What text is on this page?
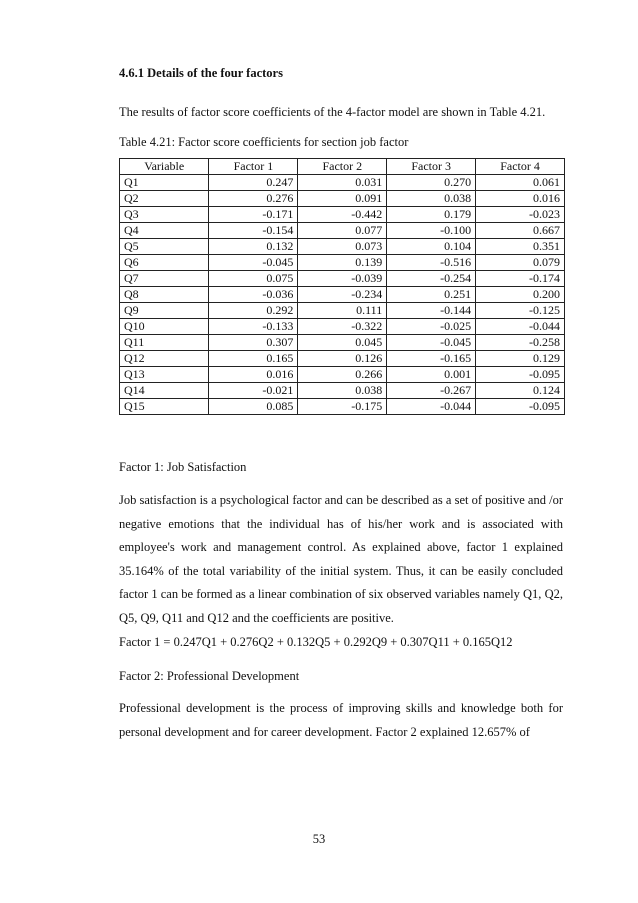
4.6.1 Details of the four factors
The results of factor score coefficients of the 4-factor model are shown in Table 4.21.
Table 4.21: Factor score coefficients for section job factor
Variable	Factor 1	Factor 2	Factor 3	Factor 4
Q1	0.247	0.031	0.270	0.061
Q2	0.276	0.091	0.038	0.016
Q3	-0.171	-0.442	0.179	-0.023
Q4	-0.154	0.077	-0.100	0.667
Q5	0.132	0.073	0.104	0.351
Q6	-0.045	0.139	-0.516	0.079
Q7	0.075	-0.039	-0.254	-0.174
Q8	-0.036	-0.234	0.251	0.200
Q9	0.292	0.111	-0.144	-0.125
Q10	-0.133	-0.322	-0.025	-0.044
Q11	0.307	0.045	-0.045	-0.258
Q12	0.165	0.126	-0.165	0.129
Q13	0.016	0.266	0.001	-0.095
Q14	-0.021	0.038	-0.267	0.124
Q15	0.085	-0.175	-0.044	-0.095
Factor 1: Job Satisfaction
Job satisfaction is a psychological factor and can be described as a set of positive and /or negative emotions that the individual has of his/her work and is associated with employee's work and management control. As explained above, factor 1 explained 35.164% of the total variability of the initial system. Thus, it can be easily concluded factor 1 can be formed as a linear combination of six observed variables namely Q1, Q2, Q5, Q9, Q11 and Q12 and the coefficients are positive.
Factor 1 = 0.247Q1 + 0.276Q2 + 0.132Q5 + 0.292Q9 + 0.307Q11 + 0.165Q12
Factor 2: Professional Development
Professional development is the process of improving skills and knowledge both for personal development and for career development. Factor 2 explained 12.657% of
53
